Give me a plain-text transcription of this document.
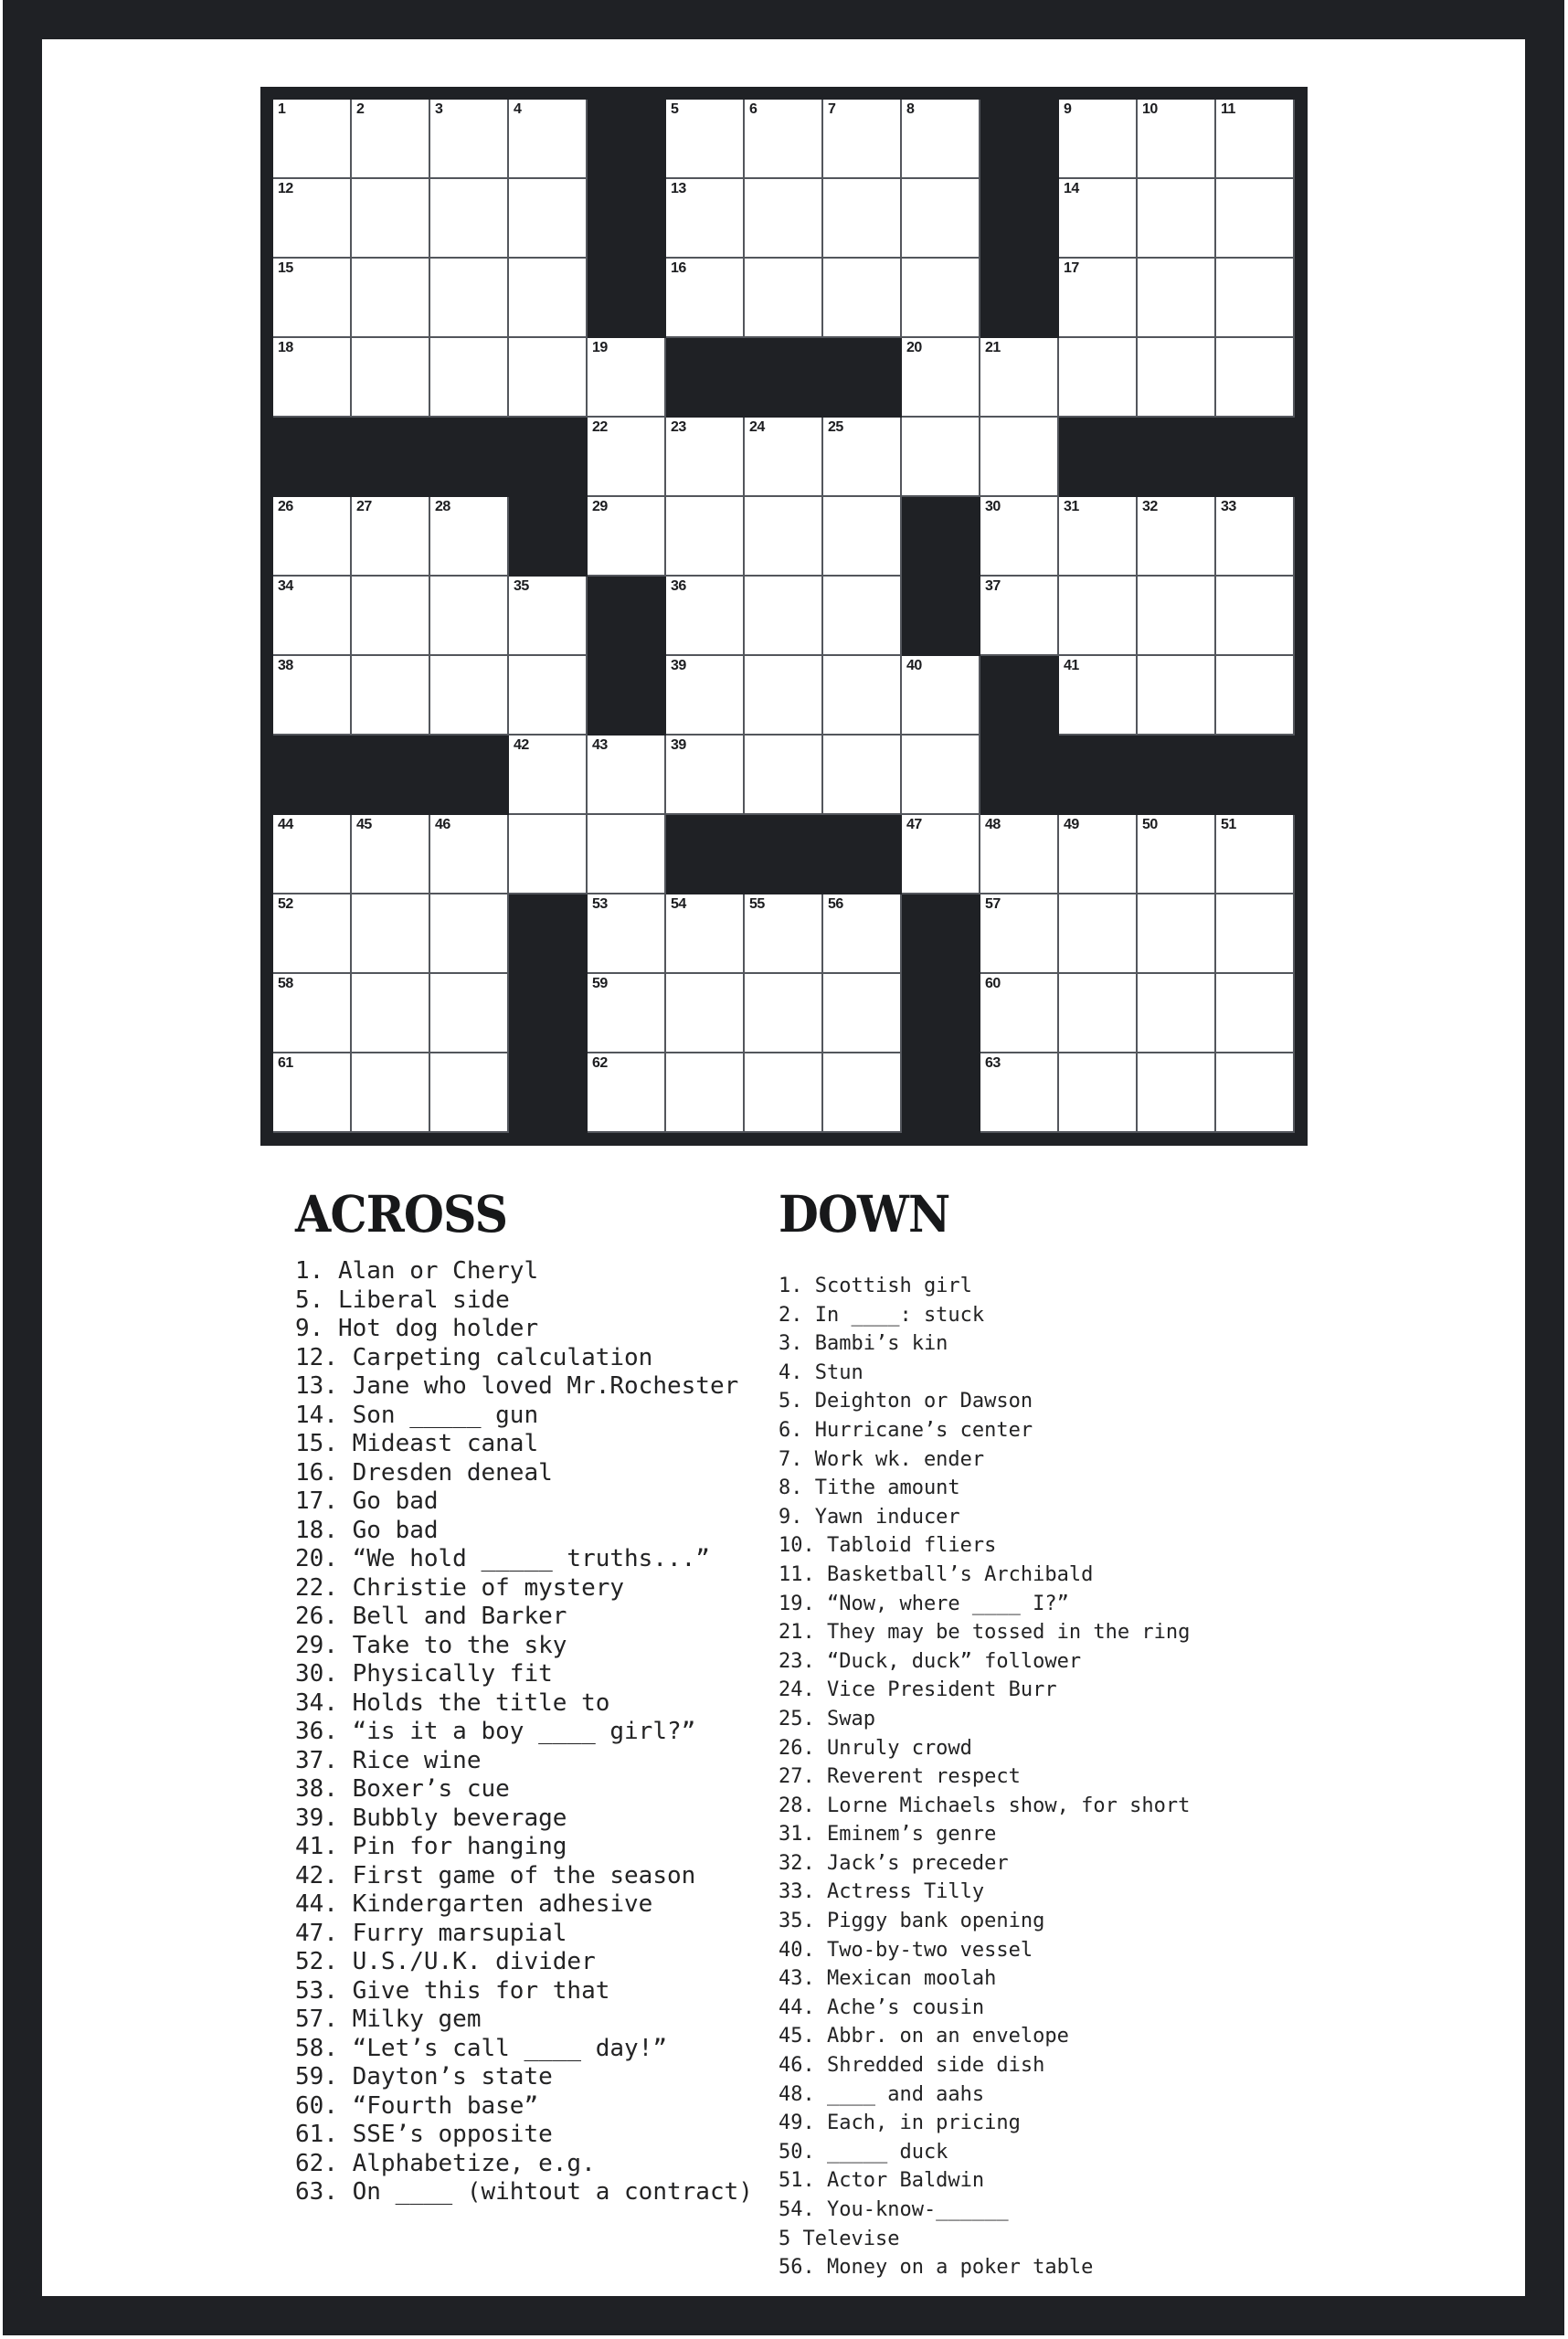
1	2	3	4	5	6	7	8	9	10	11
12	13	14
15	16	17
18	19	20	21
22	23	24	25
26	27	28	29	30	31	32	33
34	35	36	37
38	39	40	41
42	43	39
44	45	46	47	48	49	50	51
52	53	54	55	56	57
58	59	60
61	62	63
ACROSS
1. Alan or Cheryl
5. Liberal side
9. Hot dog holder
12. Carpeting calculation
13. Jane who loved Mr.Rochester
14. Son _____ gun
15. Mideast canal
16. Dresden deneal
17. Go bad
18. Go bad
20. “We hold _____ truths...”
22. Christie of mystery
26. Bell and Barker
29. Take to the sky
30. Physically fit
34. Holds the title to
36. “is it a boy ____ girl?”
37. Rice wine
38. Boxer’s cue
39. Bubbly beverage
41. Pin for hanging
42. First game of the season
44. Kindergarten adhesive
47. Furry marsupial
52. U.S./U.K. divider
53. Give this for that
57. Milky gem
58. “Let’s call ____ day!”
59. Dayton’s state
60. “Fourth base”
61. SSE’s opposite
62. Alphabetize, e.g.
63. On ____ (wihtout a contract)
DOWN
1. Scottish girl
2. In ____: stuck
3. Bambi’s kin
4. Stun
5. Deighton or Dawson
6. Hurricane’s center
7. Work wk. ender
8. Tithe amount
9. Yawn inducer
10. Tabloid fliers
11. Basketball’s Archibald
19. “Now, where ____ I?”
21. They may be tossed in the ring
23. “Duck, duck” follower
24. Vice President Burr
25. Swap
26. Unruly crowd
27. Reverent respect
28. Lorne Michaels show, for short
31. Eminem’s genre
32. Jack’s preceder
33. Actress Tilly
35. Piggy bank opening
40. Two-by-two vessel
43. Mexican moolah
44. Ache’s cousin
45. Abbr. on an envelope
46. Shredded side dish
48. ____ and aahs
49. Each, in pricing
50. _____ duck
51. Actor Baldwin
54. You-know-______
5 Televise
56. Money on a poker table
